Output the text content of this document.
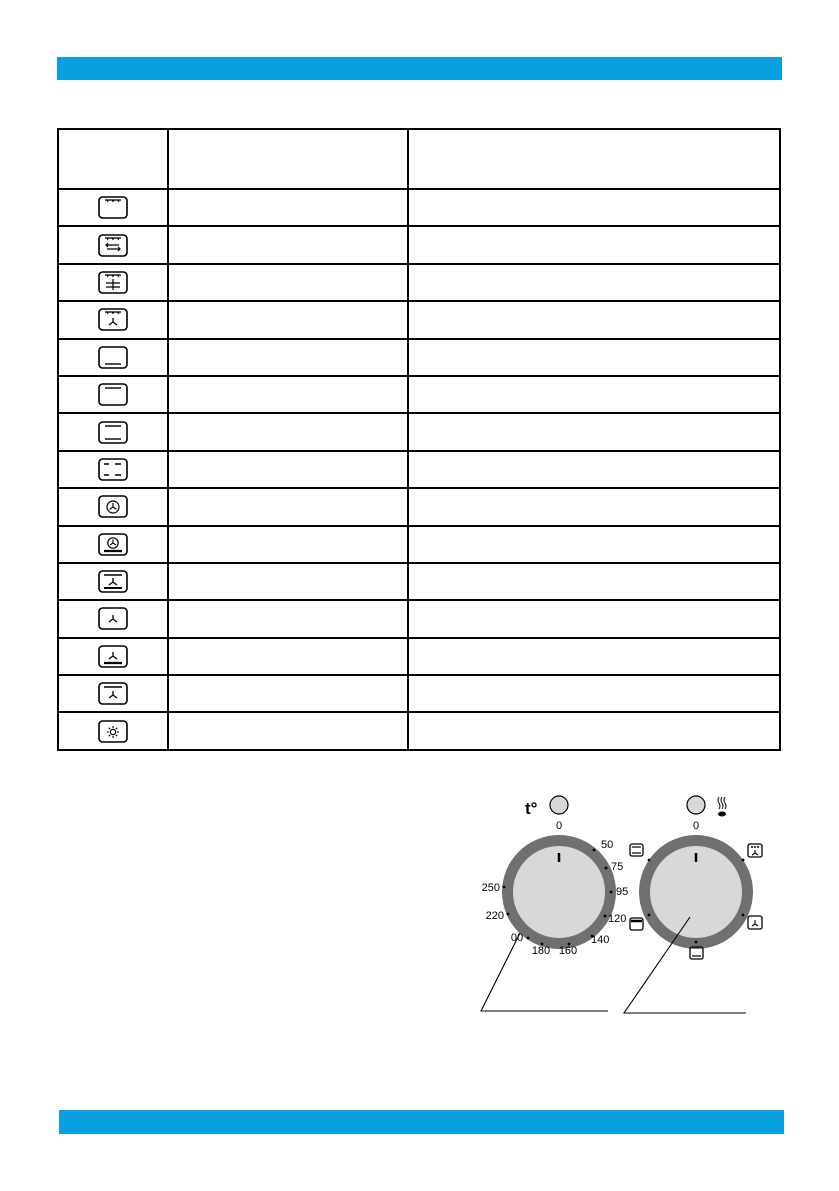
t°
0
50
75
95
120
140
160
180
00
220
250
0
